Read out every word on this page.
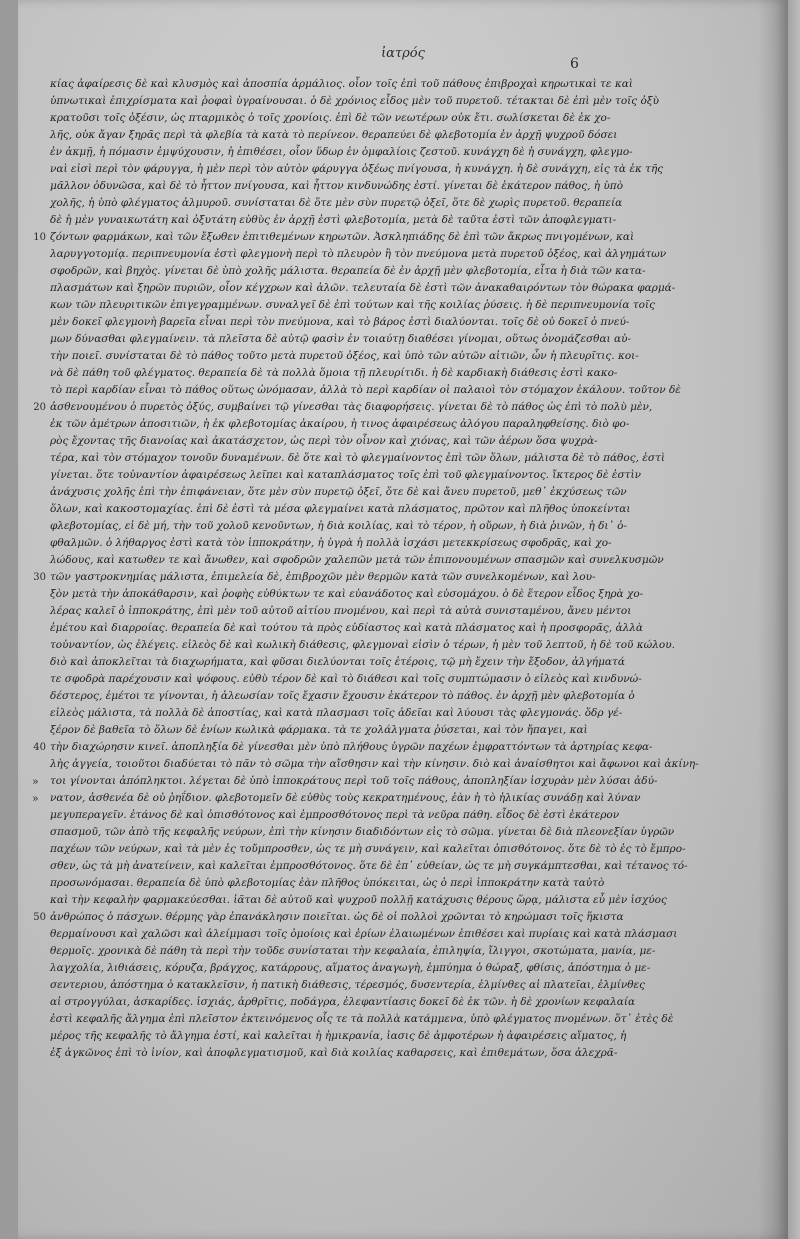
ἰατρός
6
κίας ἀφαίρεσις δὲ καὶ κλυσμὸς καὶ ἀποσπία ἀρμάλιος. οἷον τοῖς ἐπὶ τοῦ πάθους ἐπιβροχαὶ κηρωτικαὶ τε καὶ
ὑπνωτικαὶ ἐπιχρίσματα καὶ ῥοφαὶ ὑγραίνουσαι. ὁ δὲ χρόνιος εἶδος μὲν τοῦ πυρετοῦ. τέτακται δὲ ἐπὶ μὲν τοῖς ὀξὺ
κρατοῦσι τοῖς ὀξέσιν, ὡς πταρμικὸς ὁ τοῖς χρονίοις. ἐπὶ δὲ τῶν νεωτέρων οὐκ ἔτι. σωλίσκεται δὲ ἐκ χο-
λῆς, οὐκ ἄγαν ξηρᾶς περὶ τὰ φλεβία τὰ κατὰ τὸ περίνεον. θεραπεύει δὲ φλεβοτομία ἐν ἀρχῇ ψυχροῦ δόσει
ἐν ἀκμῇ, ἡ πόμασιν ἐμψύχουσιν, ἡ ἐπιθέσει, οἷον ὕδωρ ἐν ὀμφαλίοις ζεστοῦ. κυνάγχη δὲ ἡ συνάγχη, φλεγμο-
ναὶ εἰσὶ περὶ τὸν φάρυγγα, ἡ μὲν περὶ τὸν αὐτὸν φάρυγγα ὀξέως πνίγουσα, ἡ κυνάγχη. ἡ δὲ συνάγχη, εἰς τὰ ἐκ τῆς
μᾶλλον ὀδυνῶσα, καὶ δὲ τὸ ἧττον πνίγουσα, καὶ ἧττον κινδυνώδης ἐστί. γίνεται δὲ ἑκάτερον πάθος, ἡ ὑπὸ
χολῆς, ἡ ὑπὸ φλέγματος ἁλμυροῦ. συνίσταται δὲ ὅτε μὲν σὺν πυρετῷ ὀξεῖ, ὅτε δὲ χωρὶς πυρετοῦ. θεραπεία
δὲ ἡ μὲν γυναικωτάτη καὶ ὀξυτάτη εὐθὺς ἐν ἀρχῇ ἐστὶ φλεβοτομία, μετὰ δὲ ταῦτα ἐστὶ τῶν ἀποφλεγματι-
10 ζόντων φαρμάκων, καὶ τῶν ἔξωθεν ἐπιτιθεμένων κηρωτῶν. Ἀσκληπιάδης δὲ ἐπὶ τῶν ἄκρως πνιγομένων, καὶ
λαρυγγοτομίᾳ. περιπνευμονία ἐστὶ φλεγμονὴ περὶ τὸ πλευρὸν ἢ τὸν πνεύμονα μετὰ πυρετοῦ ὀξέος, καὶ ἀλγημάτων
σφοδρῶν, καὶ βηχὸς. γίνεται δὲ ὑπὸ χολῆς μάλιστα. θεραπεία δὲ ἐν ἀρχῇ μὲν φλεβοτομία, εἶτα ἡ διὰ τῶν κατα-
πλασμάτων καὶ ξηρῶν πυριῶν, οἷον κέγχρων καὶ ἁλῶν. τελευταία δὲ ἐστὶ τῶν ἀνακαθαιρόντων τὸν θώρακα φαρμά-
κων τῶν πλευριτικῶν ἐπιγεγραμμένων. συναλγεῖ δὲ ἐπὶ τούτων καὶ τῆς κοιλίας ῥύσεις. ἡ δὲ περιπνευμονία τοῖς
μὲν δοκεῖ φλεγμονὴ βαρεῖα εἶναι περὶ τὸν πνεύμονα, καὶ τὸ βάρος ἐστὶ διαλύονται. τοῖς δὲ οὐ δοκεῖ ὁ πνεύ-
μων δύνασθαι φλεγμαίνειν. τὰ πλεῖστα δὲ αὐτῷ φασὶν ἐν τοιαύτῃ διαθέσει γίνομαι, οὕτως ὀνομάζεσθαι αὐ-
τὴν ποιεῖ. συνίσταται δὲ τὸ πάθος τοῦτο μετὰ πυρετοῦ ὀξέος, καὶ ὑπὸ τῶν αὐτῶν αἰτιῶν, ὧν ἡ πλευρῖτις. κοι-
νὰ δὲ πάθη τοῦ φλέγματος. θεραπεία δὲ τὰ πολλὰ ὅμοια τῇ πλευρίτιδι. ἡ δὲ καρδιακὴ διάθεσις ἐστὶ κακο-
τὸ περὶ καρδίαν εἶναι τὸ πάθος οὕτως ὠνόμασαν, ἀλλὰ τὸ περὶ καρδίαν οἱ παλαιοὶ τὸν στόμαχον ἐκάλουν. τοῦτον δὲ
20 ἀσθενουμένου ὁ πυρετὸς ὀξύς, συμβαίνει τῷ γίνεσθαι τὰς διαφορήσεις. γίνεται δὲ τὸ πάθος ὡς ἐπὶ τὸ πολὺ μὲν,
ἐκ τῶν ἀμέτρων ἀποσιτιῶν, ἡ ἐκ φλεβοτομίας ἀκαίρου, ἡ τινος ἀφαιρέσεως ἀλόγου παραληφθείσης. διὸ φο-
ρὸς ἔχοντας τῆς διανοίας καὶ ἀκατάσχετον, ὡς περὶ τὸν οἶνον καὶ χιόνας, καὶ τῶν ἀέρων ὅσα ψυχρὰ-
τέρα, καὶ τὸν στόμαχον τονοῦν δυναμένων. δὲ ὅτε καὶ τὸ φλεγμαίνοντος ἐπὶ τῶν ὅλων, μάλιστα δὲ τὸ πάθος, ἐστὶ
γίνεται. ὅτε τοὐναντίον ἀφαιρέσεως λεῖπει καὶ καταπλάσματος τοῖς ἐπὶ τοῦ φλεγμαίνοντος. ἴκτερος δὲ ἐστὶν
ἀνάχυσις χολῆς ἐπὶ τὴν ἐπιφάνειαν, ὅτε μὲν σὺν πυρετῷ ὀξεῖ, ὅτε δὲ καὶ ἄνευ πυρετοῦ, μεθ᾽ ἐκχύσεως τῶν
ὅλων, καὶ κακοστομαχίας. ἐπὶ δὲ ἐστὶ τὰ μέσα φλεγμαίνει κατὰ πλάσματος, πρῶτον καὶ πλῆθος ὑποκείνται
φλεβοτομίας, εἰ δὲ μή, τὴν τοῦ χολοῦ κενοῦντων, ἡ διὰ κοιλίας, καὶ τὸ τέρον, ἡ οὔρων, ἡ διὰ ῥινῶν, ἡ δι᾽ ὀ-
φθαλμῶν. ὁ λήθαργος ἐστὶ κατὰ τὸν ἱπποκράτην, ἡ ὑγρὰ ἡ πολλὰ ἰσχάσι μετεκκρίσεως σφοδρᾶς, καὶ χο-
λώδους, καὶ κατωθεν τε καὶ ἄνωθεν, καὶ σφοδρῶν χαλεπῶν μετὰ τῶν ἐπιπονουμένων σπασμῶν καὶ συνελκυσμῶν
30 τῶν γαστροκνημίας μάλιστα, ἐπιμελεία δὲ, ἐπιβροχῶν μὲν θερμῶν κατὰ τῶν συνελκομένων, καὶ λου-
ξὸν μετὰ τὴν ἀποκάθαρσιν, καὶ ῥοφὴς εὐθύκτων τε καὶ εὐανάδοτος καὶ εὐσομάχου. ὁ δὲ ἕτερον εἶδος ξηρὰ χο-
λέρας καλεῖ ὁ ἱπποκράτης, ἐπὶ μὲν τοῦ αὐτοῦ αἰτίου πνομένου, καὶ περὶ τὰ αὐτὰ συνισταμένου, ἄνευ μέντοι
ἐμέτου καὶ διαρροίας. θεραπεία δὲ καὶ τούτου τὰ πρὸς εὐδίαστος καὶ κατὰ πλάσματος καὶ ἡ προσφορᾶς, ἀλλὰ
τοὐναντίον, ὡς ἐλέγεις. εἰλεὸς δὲ καὶ κωλικὴ διάθεσις, φλεγμοναὶ εἰσὶν ὁ τέρων, ἡ μὲν τοῦ λεπτοῦ, ἡ δὲ τοῦ κώλου.
διὸ καὶ ἀποκλεῖται τὰ διαχωρήματα, καὶ φῦσαι διελύονται τοῖς ἐτέροις, τῷ μὴ ἔχειν τὴν ἔξοδον, ἀλγήματά
τε σφοδρὰ παρέχουσιν καὶ ψόφους. εὐθὺ τέρον δὲ καὶ τὸ διάθεσι καὶ τοῖς συμπτώμασιν ὁ εἰλεὸς καὶ κινδυνώ-
δέστερος, ἐμέτοι τε γίνονται, ἡ ἀλεωσίαν τοῖς ἔχασιν ἔχουσιν ἑκάτερον τὸ πάθος. ἐν ἀρχῇ μὲν φλεβοτομία ὁ
εἰλεὸς μάλιστα, τὰ πολλὰ δὲ ἀποστίας, καὶ κατὰ πλασμασι τοῖς ἀδεῖαι καὶ λύουσι τὰς φλεγμονάς. ὅδρ γέ-
ξέρον δὲ βαθεῖα τὸ ὅλων δὲ ἐνίων κωλικὰ φάρμακα. τὰ τε χολάλγματα ῥύσεται, καὶ τὸν ἤπαγει, καὶ
40 τὴν διαχώρησιν κινεῖ. ἀποπληξία δὲ γίνεσθαι μὲν ὑπὸ πλήθους ὑγρῶν παχέων ἐμφραττόντων τὰ ἀρτηρίας κεφα-
λὴς ἀγγεία, τοιοῦτοι διαδύεται τὸ πᾶν τὸ σῶμα τὴν αἴσθησιν καὶ τὴν κίνησιν. διὸ καὶ ἀναίσθητοι καὶ ἄφωνοι καὶ ἀκίνη-
» τοι γίνονται ἀπόπληκτοι. λέγεται δὲ ὑπὸ ἱπποκράτους περὶ τοῦ τοῖς πάθους, ἀποπληξίαν ἰσχυρὰν μὲν λύσαι ἀδύ-
» νατον, ἀσθενέα δὲ οὐ ῥηΐδιον. φλεβοτομεῖν δὲ εὐθὺς τοὺς κεκρατημένους, ἐὰν ἡ τὸ ἡλικίας συνάδῃ καὶ λύναν
μεγυπεραγεῖν. ἐτάνος δὲ καὶ ὁπισθότονος καὶ ἐμπροσθότονος περὶ τὰ νεῦρα πάθη. εἶδος δὲ ἐστὶ ἑκάτερον
σπασμοῦ, τῶν ἀπὸ τῆς κεφαλῆς νεύρων, ἐπὶ τὴν κίνησιν διαδιδόντων εἰς τὸ σῶμα. γίνεται δὲ διὰ πλεονεξίαν ὑγρῶν
παχέων τῶν νεύρων, καὶ τὰ μὲν ἐς τοὔμπροσθεν, ὡς τε μὴ συνάγειν, καὶ καλεῖται ὀπισθότονος. ὅτε δὲ τὸ ἐς τὸ ἔμπρο-
σθεν, ὡς τὰ μὴ ἀνατείνειν, καὶ καλεῖται ἐμπροσθότονος. ὅτε δὲ ἐπ᾽ εὐθείαν, ὡς τε μὴ συγκάμπτεσθαι, καὶ τέτανος τό-
προσωνόμασαι. θεραπεία δὲ ὑπὸ φλεβοτομίας ἐὰν πλῆθος ὑπόκειται, ὡς ὁ περὶ ἱπποκράτην κατὰ ταὐτὸ
καὶ τὴν κεφαλὴν φαρμακεύεσθαι. ἰᾶται δὲ αὐτοῦ καὶ ψυχροῦ πολλῇ κατάχυσις θέρους ὥρᾳ, μάλιστα εὖ μὲν ἰσχύος
50 ἀνθρώπος ὁ πάσχων. θέρμης γὰρ ἐπανάκλησιν ποιεῖται. ὡς δὲ οἱ πολλοὶ χρῶνται τὸ κηρώμασι τοῖς ἥκιστα
θερμαίνουσι καὶ χαλῶσι καὶ ἀλείμμασι τοῖς ὁμοίοις καὶ ἐρίων ἐλαιωμένων ἐπιθέσει καὶ πυρίαις καὶ κατὰ πλάσμασι
θερμοῖς. χρονικὰ δὲ πάθη τὰ περὶ τὴν τοῦδε συνίσταται τὴν κεφαλαία, ἐπιληψία, ἴλιγγοι, σκοτώματα, μανία, με-
λαγχολία, λιθιάσεις, κόρυζα, βράγχος, κατάρρους, αἵματος ἀναγωγὴ, ἐμπύημα ὁ θώραξ, φθίσις, ἀπόστημα ὁ με-
σεντεριου, ἀπόστημα ὁ κατακλεῖσιν, ἡ πατικὴ διάθεσις, τέρεσμός, δυσεντερία, ἐλμίνθες αἱ πλατεῖαι, ἐλμίνθες
αἱ στρογγύλαι, ἀσκαρίδες. ἰσχιάς, ἀρθρῖτις, ποδάγρα, ἐλεφαντίασις δοκεῖ δὲ ἐκ τῶν. ἡ δὲ χρονίων κεφαλαία
ἐστὶ κεφαλῆς ἄλγημα ἐπὶ πλεῖστον ἐκτεινόμενος οἷς τε τὰ πολλὰ κατάμμενα, ὑπὸ φλέγματος πνομένων. ὅτ᾽ ἐτὲς δὲ
μέρος τῆς κεφαλῆς τὸ ἄλγημα ἐστί, καὶ καλεῖται ἡ ἡμικρανία, ἰασις δὲ ἀμφοτέρων ἡ ἀφαιρέσεις αἵματος, ἡ
ἐξ ἀγκῶνος ἐπὶ τὸ ἰνίον, καὶ ἀποφλεγματισμοῦ, καὶ διὰ κοιλίας καθαρσεις, καὶ ἐπιθεμάτων, ὅσα ἀλεχρᾶ-
